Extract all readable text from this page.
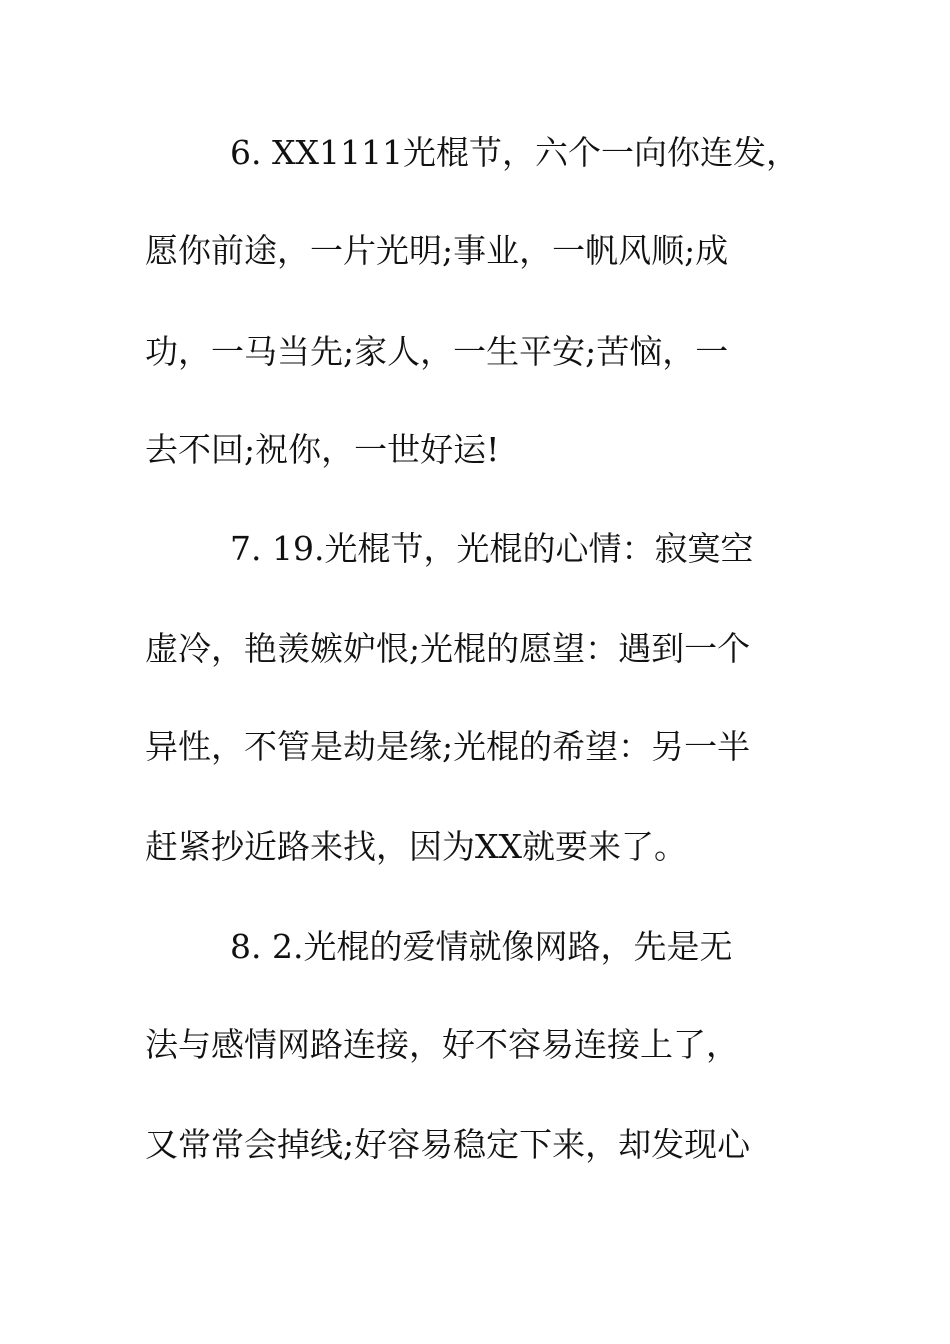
6. XX1111光棍节，六个一向你连发，
愿你前途，一片光明;事业，一帆风顺;成
功，一马当先;家人，一生平安;苦恼，一
去不回;祝你，一世好运!
7. 19.光棍节，光棍的心情：寂寞空
虚冷，艳羡嫉妒恨;光棍的愿望：遇到一个
异性，不管是劫是缘;光棍的希望：另一半
赶紧抄近路来找，因为XX就要来了。
8. 2.光棍的爱情就像网路，先是无
法与感情网路连接，好不容易连接上了，
又常常会掉线;好容易稳定下来，却发现心
